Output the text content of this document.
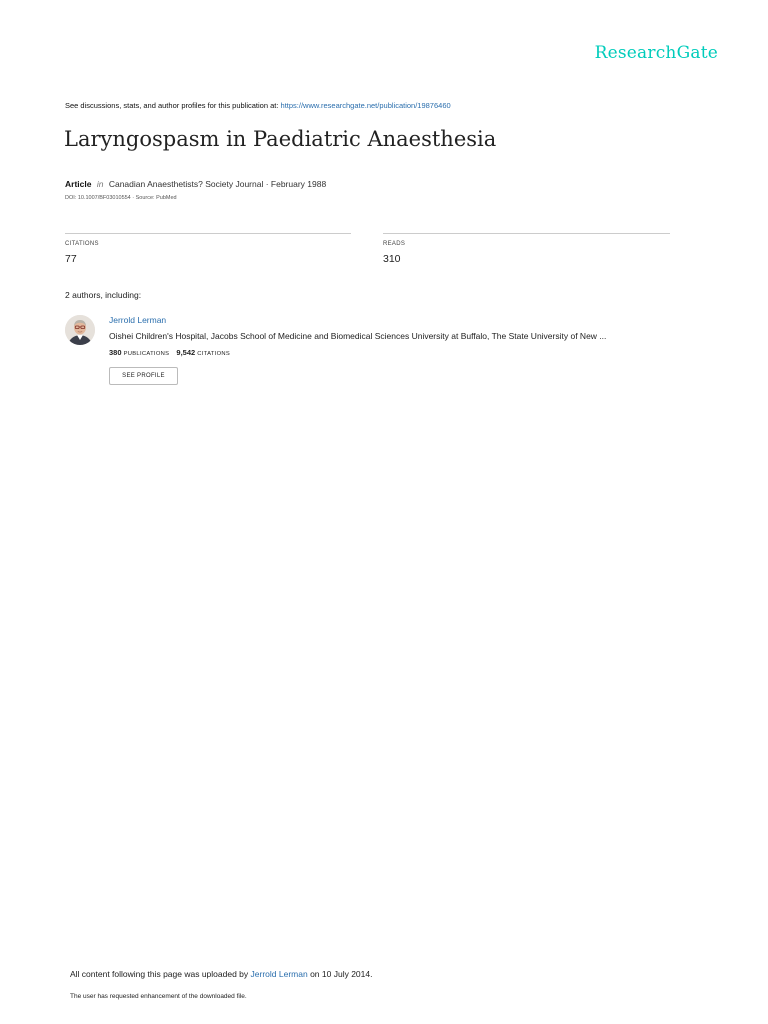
ResearchGate
See discussions, stats, and author profiles for this publication at: https://www.researchgate.net/publication/19876460
Laryngospasm in Paediatric Anaesthesia
Article in Canadian Anaesthetists? Society Journal · February 1988
DOI: 10.1007/BF03010554 · Source: PubMed
CITATIONS
77
READS
310
2 authors, including:
Jerrold Lerman
Oishei Children's Hospital, Jacobs School of Medicine and Biomedical Sciences University at Buffalo, The State University of New ...
380 PUBLICATIONS 9,542 CITATIONS
SEE PROFILE
All content following this page was uploaded by Jerrold Lerman on 10 July 2014.
The user has requested enhancement of the downloaded file.
